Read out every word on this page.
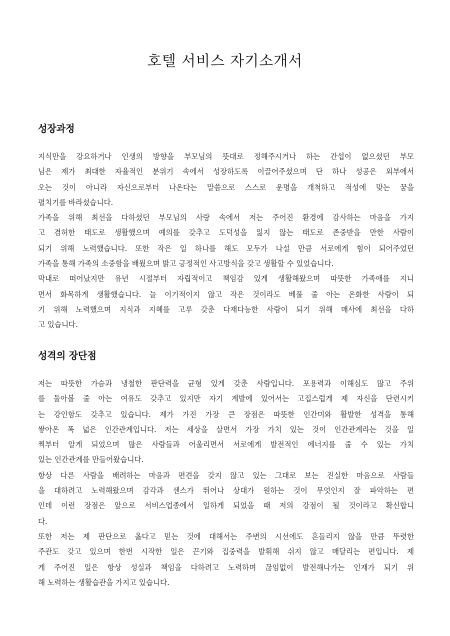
호텔 서비스 자기소개서
성장과정
지식만을 강요하거나 인생의 방향을 부모님의 뜻대로 정해주시거나 하는 간섭이 없으셨던 부모
님은 제가 최대한 자율적인 분위기 속에서 성장하도록 이끌어주셨으며 단 하나 성공은 외부에서
오는 것이 아니라 자신으로부터 나온다는 말씀으로 스스로 운명을 개척하고 적성에 맞는 꿈을
펼치기를 바라셨습니다.
가족을 위해 최선을 다하셨던 부모님의 사랑 속에서 저는 주어진 환경에 감사하는 마음을 가지
고 겸허한 태도로 생활했으며 예의를 갖추고 도덕성을 잃지 않는 태도로 존중받을 만한 사람이
되기 위해 노력했습니다. 또한 작은 일 하나를 해도 모두가 나설 만큼 서로에게 힘이 되어주었던
가족을 통해 가족의 소중함을 배웠으며 밝고 긍정적인 사고방식을 갖고 생활할 수 있었습니다.
막내로 떠어났지만 유년 시절부터 자립적이고 책임감 있게 생활해왔으며 따뜻한 가족애를 지니
면서 화목하게 생활했습니다. 늘 이기적이지 않고 작은 것이라도 베풀 줄 아는 온화한 사람이 되
기 위해 노력했으며 지식과 지혜를 고루 갖춘 다재다능한 사람이 되기 위해 매사에 최선을 다하
고 있습니다.
성격의 장단점
저는 따뜻한 가슴과 냉철한 판단력을 균형 있게 갖춘 사람입니다. 포용력과 이해심도 많고 주위
를 둘아볼 줄 아는 여유도 갖추고 있지만 자기 계발에 있어서는 고집스럽게 제 자신을 단련시키
는 강인함도 갖추고 있습니다. 제가 가진 가장 큰 장점은 따뜻한 인간미와 활발한 성격을 통해
쌓아온 폭 넓은 인간관계입니다. 저는 세상을 살면서 가장 가치 있는 것이 인간관계라는 것을 일
찍부터 알게 되었으며 많은 사람들과 어울리면서 서로에게 발전적인 에너지를 줄 수 있는 가치
있는 인간관계를 만들어왔습니다.
항상 다른 사람을 배려하는 마음과 편견을 갖지 않고 있는 그대로 보는 진실한 마음으로 사람들
을 대하려고 노력해왔으며 감각과 센스가 뛰어나 상대가 원하는 것이 무엇인지 잘 파악하는 편
인데 이런 장점은 앞으로 서비스업종에서 일하게 되었을 때 저의 강점이 될 것이라고 확신합니
다.
또한 저는 제 판단으로 옳다고 믿는 것에 대해서는 주변의 시선에도 흔들리지 않을 만큼 뚜렷한
주관도 갖고 있으며 한번 시작한 일은 끈기와 집중력을 발휘해 쉬지 않고 매달리는 편입니다. 제
게 주어진 일은 항상 성실과 책임을 다하려고 노력하며 끊임없이 발전해나가는 인재가 되기 위
해 노력하는 생활습관을 가지고 있습니다.
